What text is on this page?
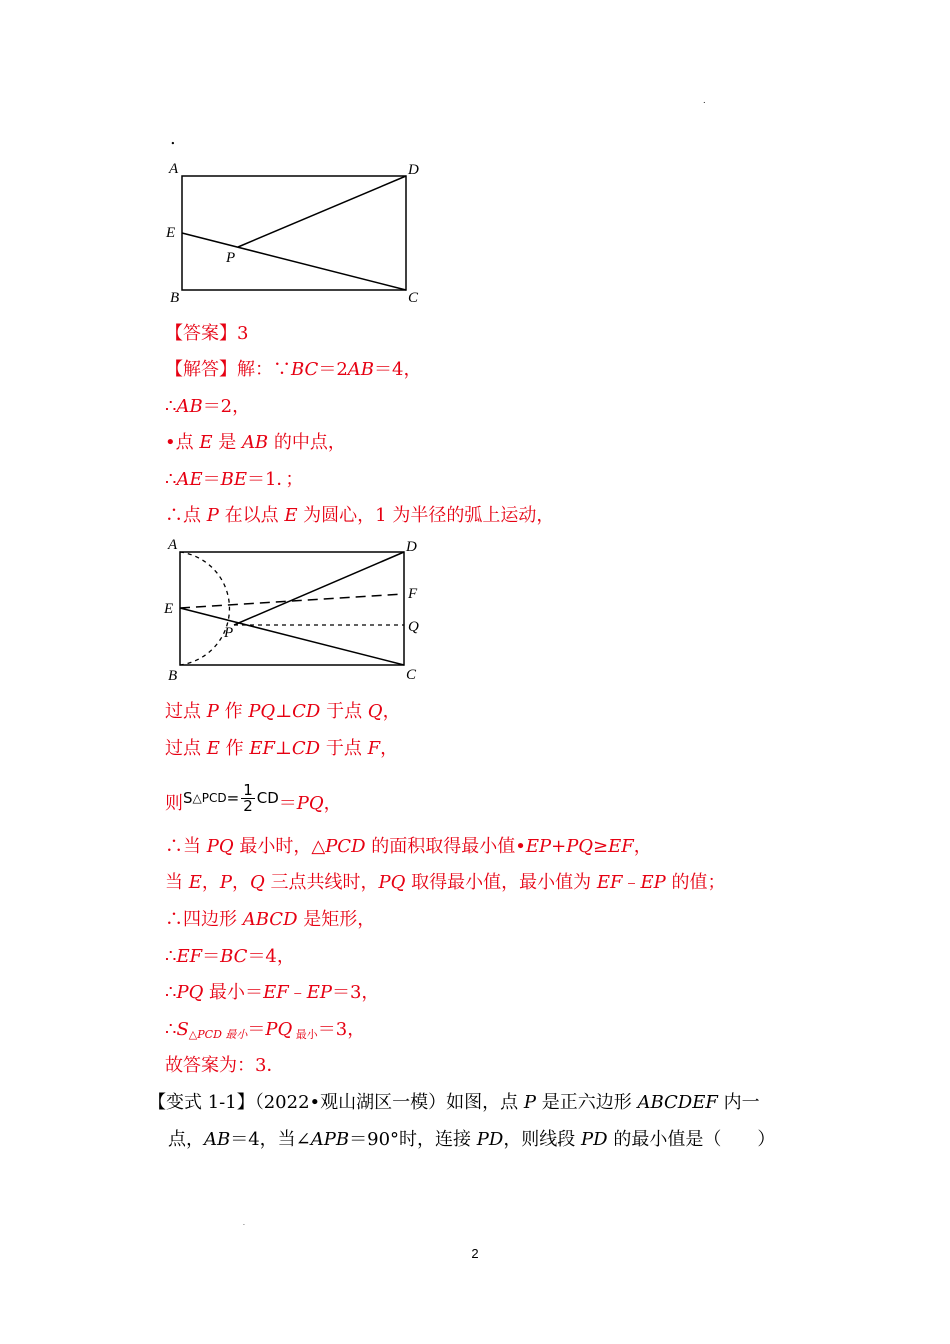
.
.
A	D
E
P
B	C
【答案】3
【解答】解：∵BC＝2AB＝4，
∴AB＝2，
•点 E 是 AB 的中点，
∴AE＝BE＝1．；
∴点 P 在以点 E 为圆心，1 为半径的弧上运动，
A	D
E
F
P	Q
B	C
过点 P 作 PQ⊥CD 于点 Q，
过点 E 作 EF⊥CD 于点 F，
则 S △PCD = $\frac{1}{2}$ CD ＝PQ，
∴当 PQ 最小时，△PCD 的面积取得最小值•EP+PQ≥EF，
当 E，P，Q 三点共线时，PQ 取得最小值，最小值为 EF﹣EP 的值；
∴四边形 ABCD 是矩形，
∴EF＝BC＝4，
∴PQ 最小＝EF﹣EP＝3，
$\therefore S_{\triangle PCD 最小}=PQ$ $_{最小}$＝3，
故答案为：3．
【变式 1-1】（2022•观山湖区一模）如图，点 P 是正六边形 ABCDEF 内一
点，AB＝4，当∠APB＝90°时，连接 PD，则线段 PD 的最小值是（　　）
.
2
